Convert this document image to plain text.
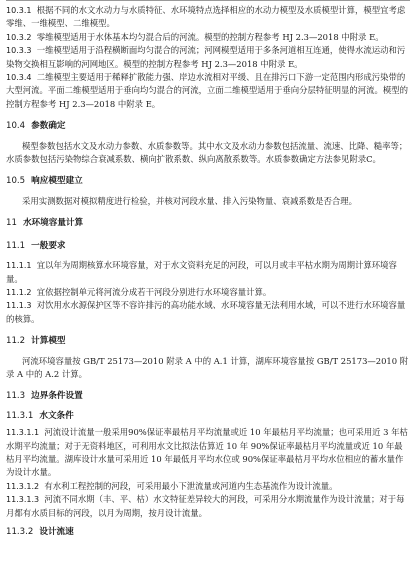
10.3.1 根据不同的水文水动力与水质特征、水环境特点选择相应的水动力模型及水质模型计算，模型宜考虑零维、一维模型、二维模型。

10.3.2 零维模型适用于水体基本均匀混合后的河流。模型的控制方程参考 HJ 2.3—2018 中附录 E。

10.3.3 一维模型适用于沿程横断面均匀混合的河流；河网模型适用于多条河道相互连通，使得水流运动和污染物交换相互影响的河网地区。模型的控制方程参考 HJ 2.3—2018 中附录 E。

10.3.4 二维模型主要适用于稀释扩散能力强、岸边水流相对平缓、且在排污口下游一定范围内形成污染带的大型河流。平面二维模型适用于垂向均匀混合的河流，立面二维模型适用于垂向分层特征明显的河流。模型的控制方程参考 HJ 2.3—2018 中附录 E。

10.4 参数确定

模型参数包括水文及水动力参数、水质参数等。其中水文及水动力参数包括流量、流速、比降、糙率等；水质参数包括污染物综合衰减系数、横向扩散系数、纵向离散系数等。水质参数确定方法参见附录C。

10.5 响应模型建立

采用实测数据对模拟精度进行检验，并核对河段水量、排入污染物量、衰减系数是否合理。

11 水环境容量计算

11.1 一般要求

11.1.1 宜以年为周期核算水环境容量，对于水文资料充足的河段，可以月或丰平枯水期为周期计算环境容量。

11.1.2 宜依据控制单元将河流分成若干河段分别进行水环境容量计算。

11.1.3 对饮用水水源保护区等不容许排污的高功能水域、水环境容量无法利用水域，可以不进行水环境容量的核算。

11.2 计算模型

河流环境容量按 GB/T 25173—2010 附录 A 中的 A.1 计算，湖库环境容量按 GB/T 25173—2010 附录 A 中的 A.2 计算。

11.3 边界条件设置

11.3.1 水文条件

11.3.1.1 河流设计流量一般采用90%保证率最枯月平均流量或近 10 年最枯月平均流量；也可采用近 3 年枯水期平均流量；对于无资料地区，可利用水文比拟法估算近 10 年 90%保证率最枯月平均流量或近 10 年最枯月平均流量。湖库设计水量可采用近 10 年最低月平均水位或 90%保证率最枯月平均水位相应的蓄水量作为设计水量。

11.3.1.2 有水利工程控制的河段，可采用最小下泄流量或河道内生态基流作为设计流量。

11.3.1.3 河流不同水期（丰、平、枯）水文特征差异较大的河段，可采用分水期流量作为设计流量；对于每月都有水质目标的河段，以月为周期，按月设计流量。

11.3.2 设计流速
